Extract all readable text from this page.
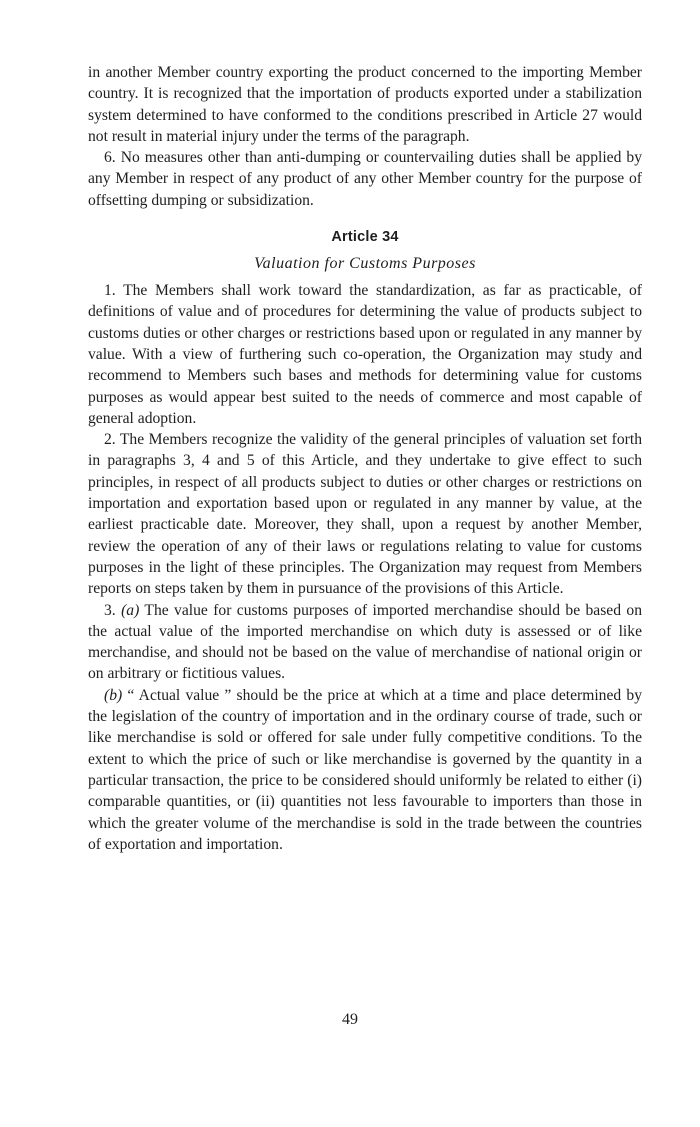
in another Member country exporting the product concerned to the importing Member country. It is recognized that the importation of products exported under a stabilization system determined to have conformed to the conditions prescribed in Article 27 would not result in material injury under the terms of the paragraph.

6. No measures other than anti-dumping or countervailing duties shall be applied by any Member in respect of any product of any other Member country for the purpose of offsetting dumping or subsidization.

Article 34
Valuation for Customs Purposes

1. The Members shall work toward the standardization, as far as practicable, of definitions of value and of procedures for determining the value of products subject to customs duties or other charges or restrictions based upon or regulated in any manner by value. With a view of furthering such co-operation, the Organization may study and recommend to Members such bases and methods for determining value for customs purposes as would appear best suited to the needs of commerce and most capable of general adoption.

2. The Members recognize the validity of the general principles of valuation set forth in paragraphs 3, 4 and 5 of this Article, and they undertake to give effect to such principles, in respect of all products subject to duties or other charges or restrictions on importation and exportation based upon or regulated in any manner by value, at the earliest practicable date. Moreover, they shall, upon a request by another Member, review the operation of any of their laws or regulations relating to value for customs purposes in the light of these principles. The Organization may request from Members reports on steps taken by them in pursuance of the provisions of this Article.

3. (a) The value for customs purposes of imported merchandise should be based on the actual value of the imported merchandise on which duty is assessed or of like merchandise, and should not be based on the value of merchandise of national origin or on arbitrary or fictitious values.

(b) “ Actual value ” should be the price at which at a time and place determined by the legislation of the country of importation and in the ordinary course of trade, such or like merchandise is sold or offered for sale under fully competitive conditions. To the extent to which the price of such or like merchandise is governed by the quantity in a particular transaction, the price to be considered should uniformly be related to either (i) comparable quantities, or (ii) quantities not less favourable to importers than those in which the greater volume of the merchandise is sold in the trade between the countries of exportation and importation.

49
